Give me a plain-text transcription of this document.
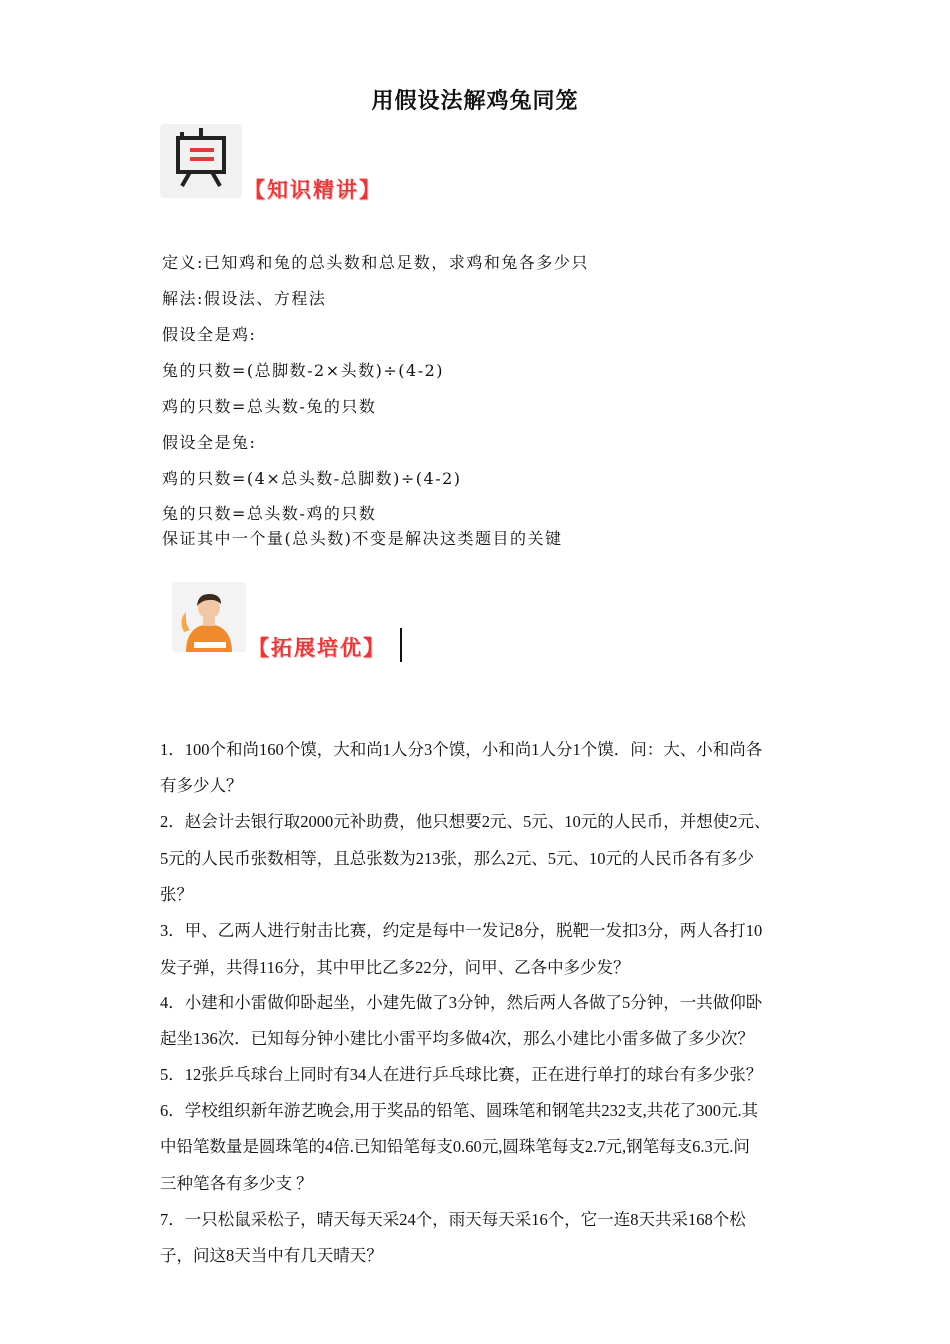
用假设法解鸡兔同笼
【知识精讲】
定义:已知鸡和兔的总头数和总足数，求鸡和兔各多少只
解法:假设法、方程法
假设全是鸡:
兔的只数=(总脚数-2×头数)÷(4-2)
鸡的只数=总头数-兔的只数
假设全是兔:
鸡的只数=(4×总头数-总脚数)÷(4-2)
兔的只数=总头数-鸡的只数
保证其中一个量(总头数)不变是解决这类题目的关键
【拓展培优】
1．100个和尚160个馍，大和尚1人分3个馍，小和尚1人分1个馍．问：大、小和尚各
有多少人？
2．赵会计去银行取2000元补助费，他只想要2元、5元、10元的人民币，并想使2元、
5元的人民币张数相等，且总张数为213张，那么2元、5元、10元的人民币各有多少
张？
3．甲、乙两人进行射击比赛，约定是每中一发记8分，脱靶一发扣3分，两人各打10
发子弹，共得116分，其中甲比乙多22分，问甲、乙各中多少发？
4．小建和小雷做仰卧起坐，小建先做了3分钟，然后两人各做了5分钟，一共做仰卧
起坐136次．已知每分钟小建比小雷平均多做4次，那么小建比小雷多做了多少次？
5．12张乒乓球台上同时有34人在进行乒乓球比赛，正在进行单打的球台有多少张？
6．学校组织新年游艺晚会,用于奖品的铅笔、圆珠笔和钢笔共232支,共花了300元.其
中铅笔数量是圆珠笔的4倍.已知铅笔每支0.60元,圆珠笔每支2.7元,钢笔每支6.3元.问
三种笔各有多少支 ？
7．一只松鼠采松子，晴天每天采24个，雨天每天采16个，它一连8天共采168个松
子，问这8天当中有几天晴天？
